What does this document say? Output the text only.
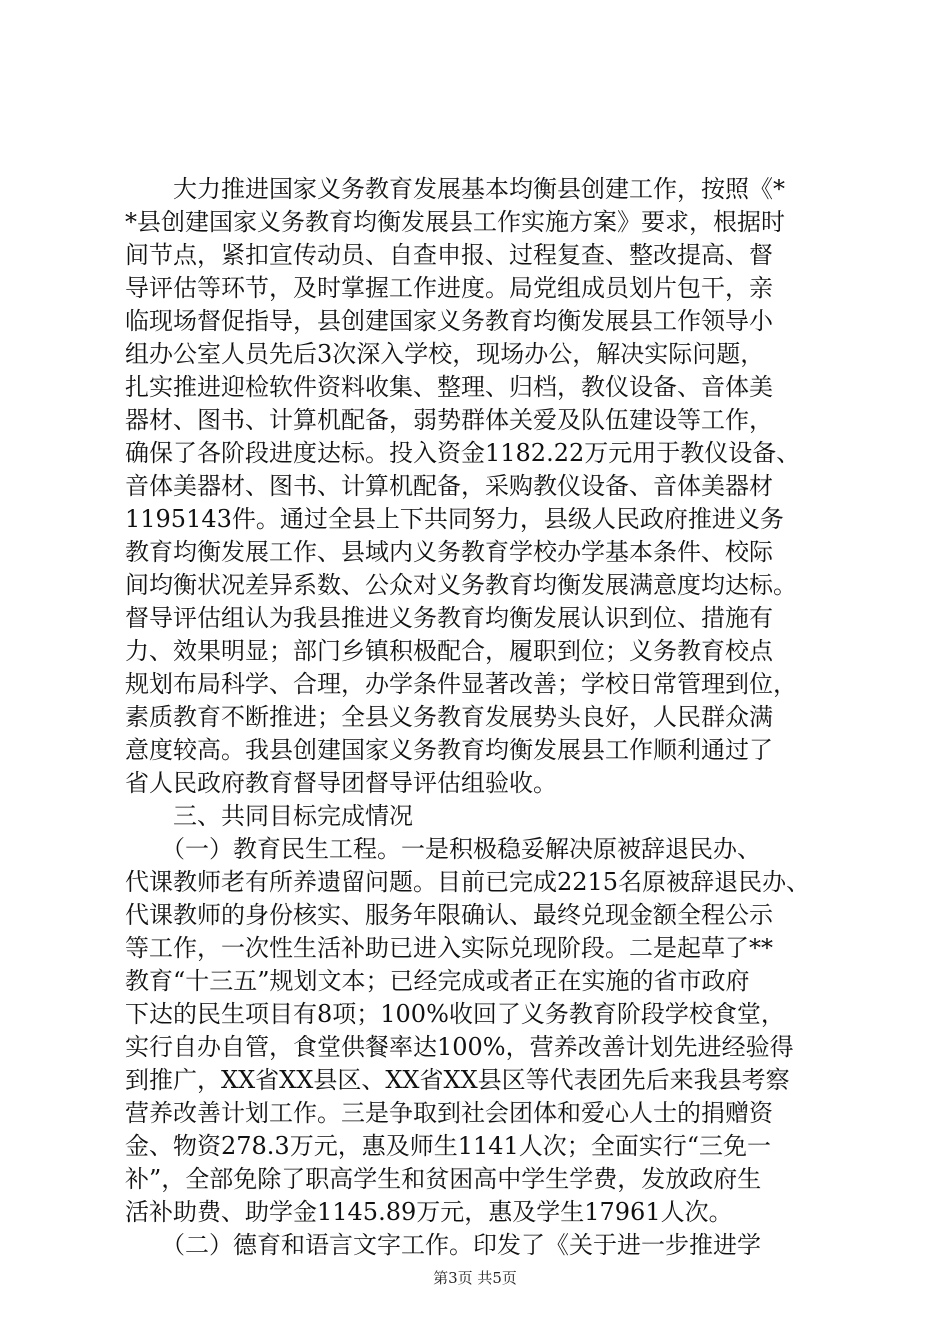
　　大力推进国家义务教育发展基本均衡县创建工作，按照《*
*县创建国家义务教育均衡发展县工作实施方案》要求，根据时
间节点，紧扣宣传动员、自查申报、过程复查、整改提高、督
导评估等环节，及时掌握工作进度。局党组成员划片包干，亲
临现场督促指导，县创建国家义务教育均衡发展县工作领导小
组办公室人员先后3次深入学校，现场办公，解决实际问题，
扎实推进迎检软件资料收集、整理、归档，教仪设备、音体美
器材、图书、计算机配备，弱势群体关爱及队伍建设等工作，
确保了各阶段进度达标。投入资金1182.22万元用于教仪设备、
音体美器材、图书、计算机配备，采购教仪设备、音体美器材
1195143件。通过全县上下共同努力，县级人民政府推进义务
教育均衡发展工作、县域内义务教育学校办学基本条件、校际
间均衡状况差异系数、公众对义务教育均衡发展满意度均达标。
督导评估组认为我县推进义务教育均衡发展认识到位、措施有
力、效果明显；部门乡镇积极配合，履职到位；义务教育校点
规划布局科学、合理，办学条件显著改善；学校日常管理到位，
素质教育不断推进；全县义务教育发展势头良好，人民群众满
意度较高。我县创建国家义务教育均衡发展县工作顺利通过了
省人民政府教育督导团督导评估组验收。
　　三、共同目标完成情况
　　（一）教育民生工程。一是积极稳妥解决原被辞退民办、
代课教师老有所养遗留问题。目前已完成2215名原被辞退民办、
代课教师的身份核实、服务年限确认、最终兑现金额全程公示
等工作，一次性生活补助已进入实际兑现阶段。二是起草了**
教育“十三五”规划文本；已经完成或者正在实施的省市政府
下达的民生项目有8项；100%收回了义务教育阶段学校食堂，
实行自办自管，食堂供餐率达100%，营养改善计划先进经验得
到推广，XX省XX县区、XX省XX县区等代表团先后来我县考察
营养改善计划工作。三是争取到社会团体和爱心人士的捐赠资
金、物资278.3万元，惠及师生1141人次；全面实行“三免一
补”，全部免除了职高学生和贫困高中学生学费，发放政府生
活补助费、助学金1145.89万元，惠及学生17961人次。
　　（二）德育和语言文字工作。印发了《关于进一步推进学
第3页 共5页
